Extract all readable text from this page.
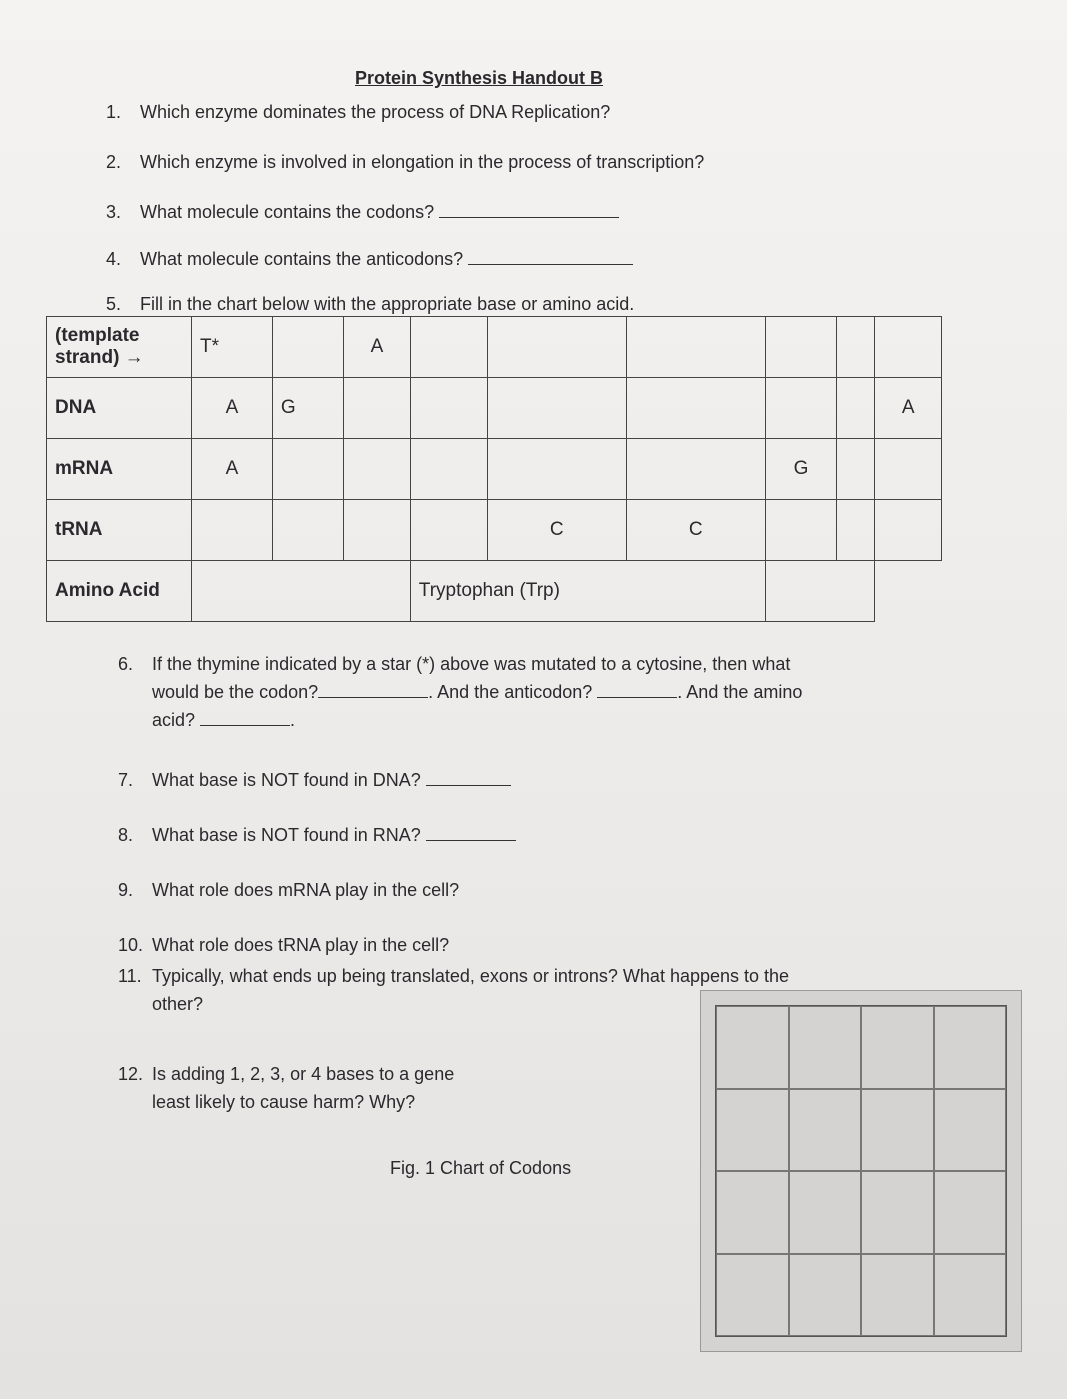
Protein Synthesis Handout B
1. Which enzyme dominates the process of DNA Replication?
2. Which enzyme is involved in elongation in the process of transcription?
3. What molecule contains the codons?
4. What molecule contains the anticodons?
5. Fill in the chart below with the appropriate base or amino acid.
(template strand) →	T*		A						
DNA	A	G							A
mRNA	A						G		
tRNA					C	C			
Amino Acid				Tryptophan (Trp)					
6. If the thymine indicated by a star (*) above was mutated to a cytosine, then what
would be the codon?	. And the anticodon?	. And the amino
acid?	.
7. What base is NOT found in DNA?
8. What base is NOT found in RNA?
9. What role does mRNA play in the cell?
10. What role does tRNA play in the cell?
11. Typically, what ends up being translated, exons or introns? What happens to the
other?
12. Is adding 1, 2, 3, or 4 bases to a gene
least likely to cause harm? Why?
Fig. 1 Chart of Codons
